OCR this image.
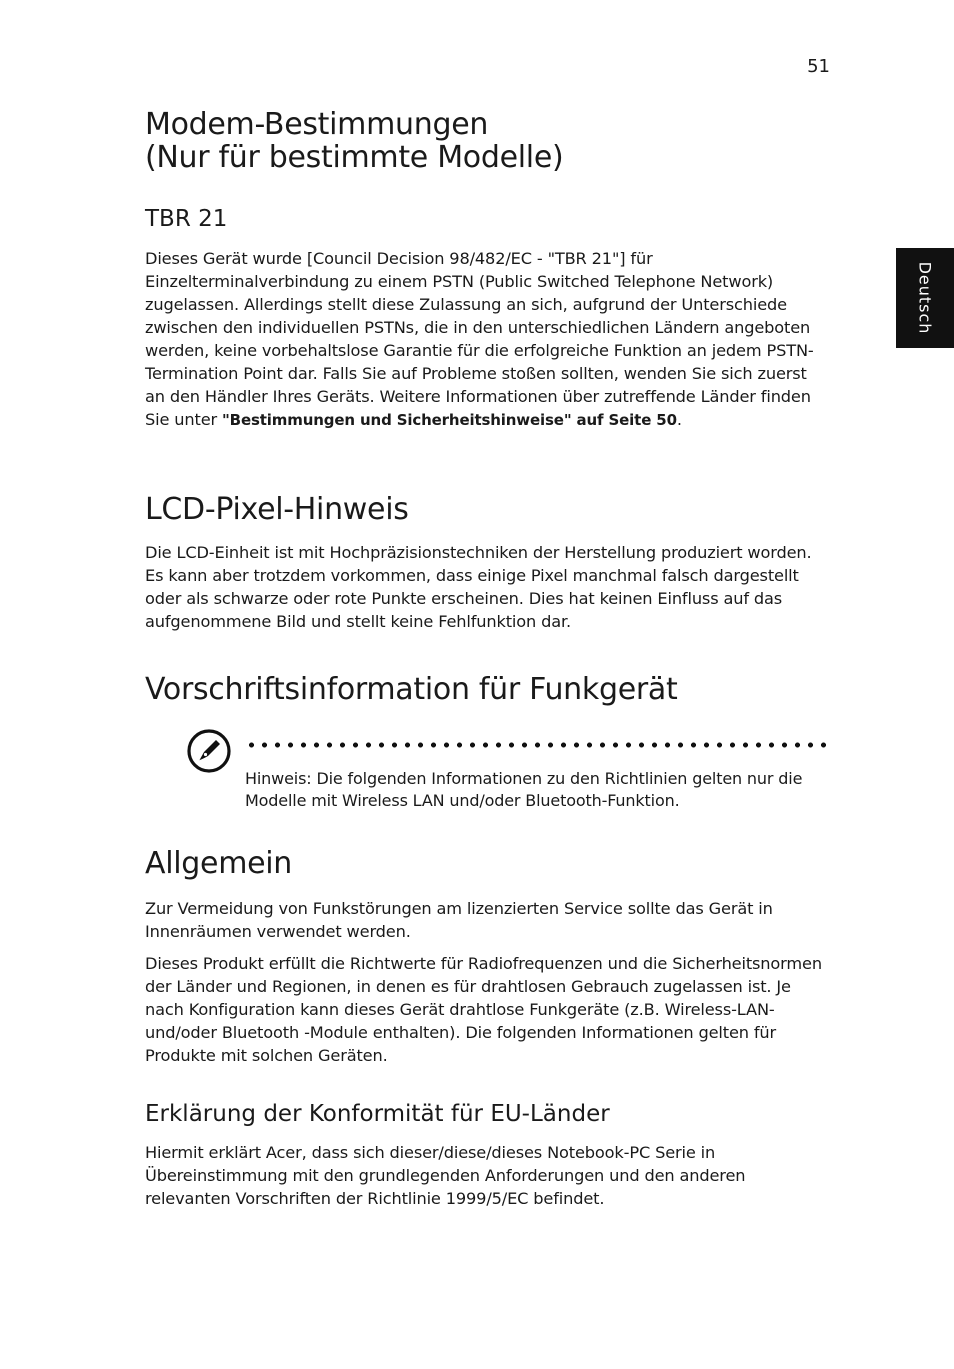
51
Deutsch
Modem-Bestimmungen
(Nur für bestimmte Modelle)
TBR 21

Dieses Gerät wurde [Council Decision 98/482/EC - "TBR 21"] für Einzelterminalverbindung zu einem PSTN (Public Switched Telephone Network) zugelassen. Allerdings stellt diese Zulassung an sich, aufgrund der Unterschiede zwischen den individuellen PSTNs, die in den unterschiedlichen Ländern angeboten werden, keine vorbehaltslose Garantie für die erfolgreiche Funktion an jedem PSTN-Termination Point dar. Falls Sie auf Probleme stoßen sollten, wenden Sie sich zuerst an den Händler Ihres Geräts. Weitere Informationen über zutreffende Länder finden Sie unter "Bestimmungen und Sicherheitshinweise" auf Seite 50.

LCD-Pixel-Hinweis

Die LCD-Einheit ist mit Hochpräzisionstechniken der Herstellung produziert worden. Es kann aber trotzdem vorkommen, dass einige Pixel manchmal falsch dargestellt oder als schwarze oder rote Punkte erscheinen. Dies hat keinen Einfluss auf das aufgenommene Bild und stellt keine Fehlfunktion dar.

Vorschriftsinformation für Funkgerät

Hinweis: Die folgenden Informationen zu den Richtlinien gelten nur die Modelle mit Wireless LAN und/oder Bluetooth-Funktion.

Allgemein

Zur Vermeidung von Funkstörungen am lizenzierten Service sollte das Gerät in Innenräumen verwendet werden.

Dieses Produkt erfüllt die Richtwerte für Radiofrequenzen und die Sicherheitsnormen der Länder und Regionen, in denen es für drahtlosen Gebrauch zugelassen ist. Je nach Konfiguration kann dieses Gerät drahtlose Funkgeräte (z.B. Wireless-LAN- und/oder Bluetooth -Module enthalten). Die folgenden Informationen gelten für Produkte mit solchen Geräten.

Erklärung der Konformität für EU-Länder

Hiermit erklärt Acer, dass sich dieser/diese/dieses Notebook-PC Serie in Übereinstimmung mit den grundlegenden Anforderungen und den anderen relevanten Vorschriften der Richtlinie 1999/5/EC befindet.
